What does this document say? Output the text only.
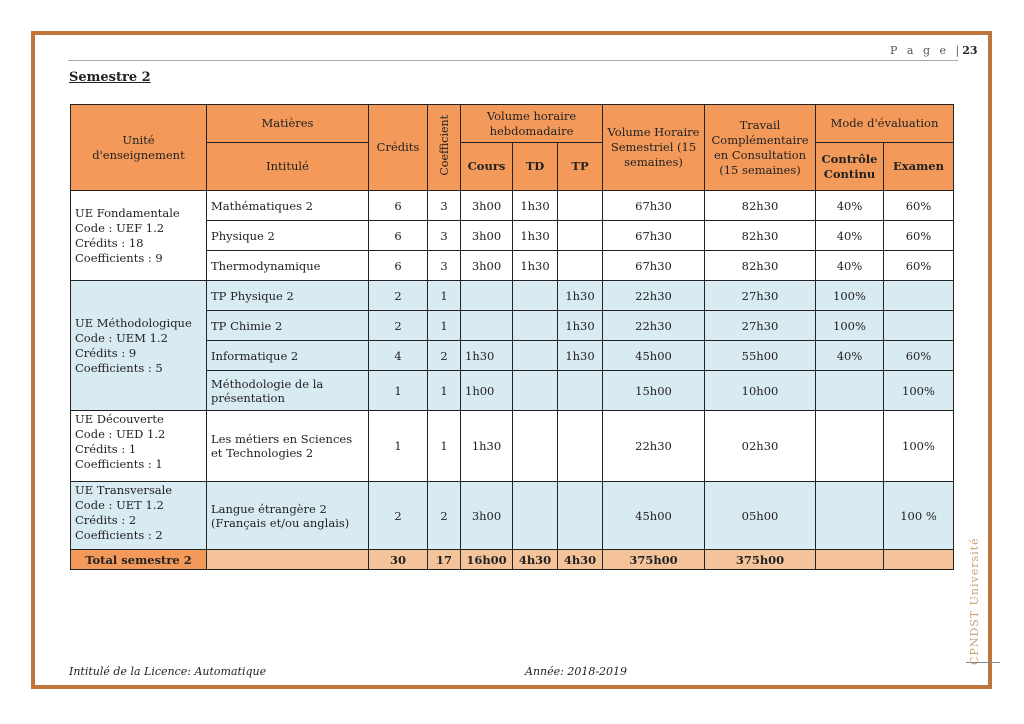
P a g e |23
Semestre 2
Unité d'enseignement	Matières	Crédits	Coefficient	Volume horaire hebdomadaire			Volume Horaire Semestriel (15 semaines)	Travail Complémentaire en Consultation (15 semaines)	Mode d'évaluation	
	Intitulé			Cours	TD	TP			Contrôle Continu	Examen

UE Fondamentale
Code : UEF 1.2
Crédits : 18
Coefficients : 9	Mathématiques 2	6	3	3h00	1h30		67h30	82h30	40%	60%
	Physique 2	6	3	3h00	1h30		67h30	82h30	40%	60%
	Thermodynamique	6	3	3h00	1h30		67h30	82h30	40%	60%

UE Méthodologique
Code : UEM 1.2
Crédits : 9
Coefficients : 5	TP Physique 2	2	1			1h30	22h30	27h30	100%	
	TP Chimie 2	2	1			1h30	22h30	27h30	100%	
	Informatique 2	4	2	1h30		1h30	45h00	55h00	40%	60%
	Méthodologie de la présentation	1	1	1h00			15h00	10h00		100%

UE Découverte
Code : UED 1.2
Crédits : 1
Coefficients : 1	Les métiers en Sciences et Technologies 2	1	1	1h30			22h30	02h30		100%

UE Transversale
Code : UET 1.2
Crédits : 2
Coefficients : 2	Langue étrangère 2 (Français et/ou anglais)	2	2	3h00			45h00	05h00		100 %
Total semestre 2		30	17	16h00	4h30	4h30	375h00	375h00		
Intitulé de la Licence: Automatique	Année: 2018-2019
CPNDST Université
